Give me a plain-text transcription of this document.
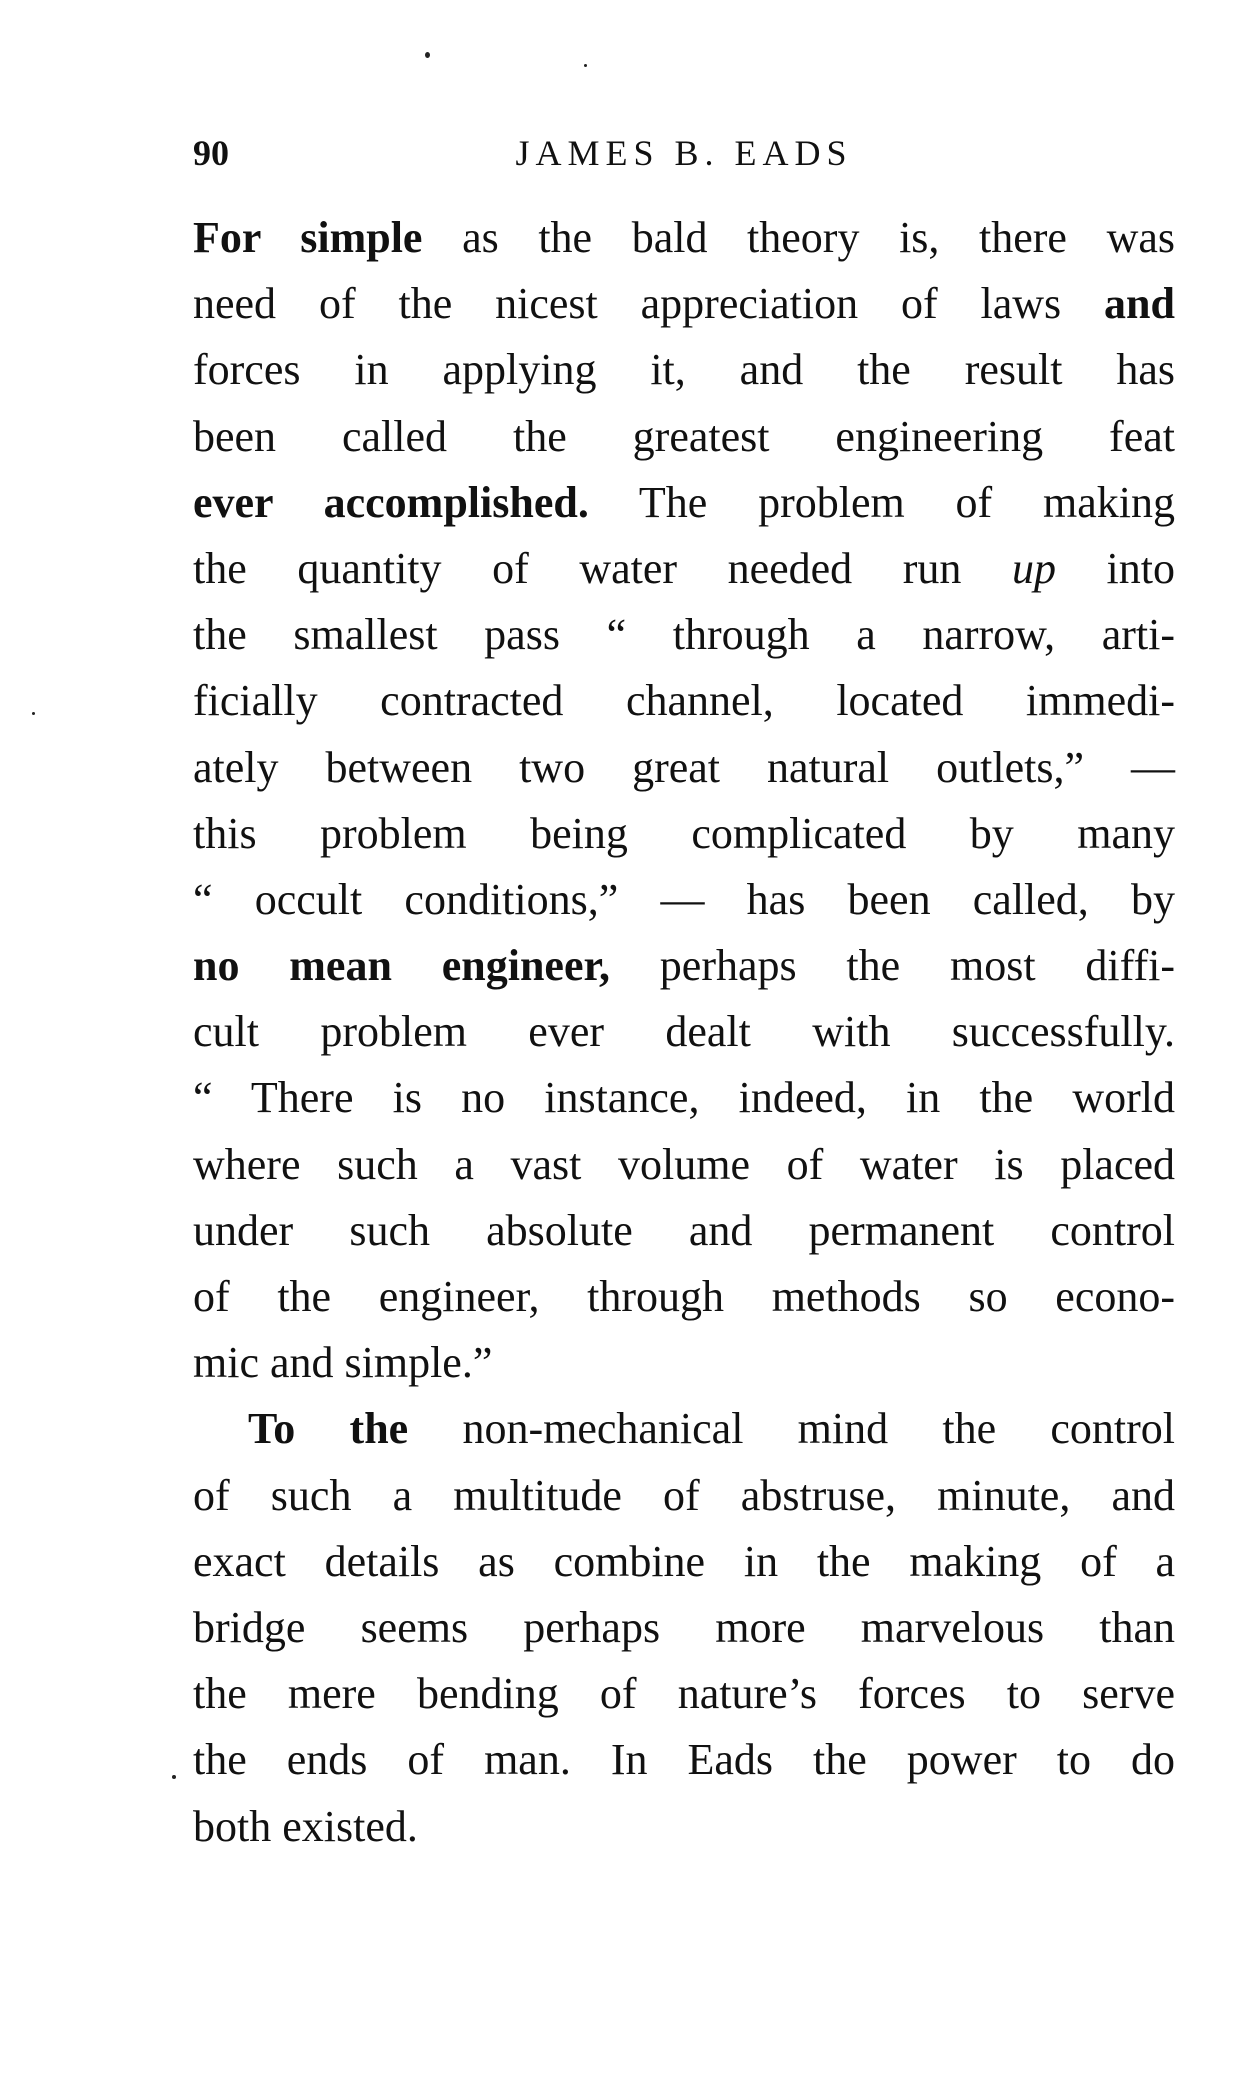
90	JAMES B. EADS
For simple as the bald theory is, there was
need of the nicest appreciation of laws and
forces in applying it, and the result has
been called the greatest engineering feat
ever accomplished. The problem of making
the quantity of water needed run up into
the smallest pass “ through a narrow, arti-
ficially contracted channel, located immedi-
ately between two great natural outlets,” —
this problem being complicated by many
“ occult conditions,” — has been called, by
no mean engineer, perhaps the most diffi-
cult problem ever dealt with successfully.
“ There is no instance, indeed, in the world
where such a vast volume of water is placed
under such absolute and permanent control
of the engineer, through methods so econo-
mic and simple.”
To the non-mechanical mind the control
of such a multitude of abstruse, minute, and
exact details as combine in the making of a
bridge seems perhaps more marvelous than
the mere bending of nature’s forces to serve
the ends of man. In Eads the power to do
both existed.
